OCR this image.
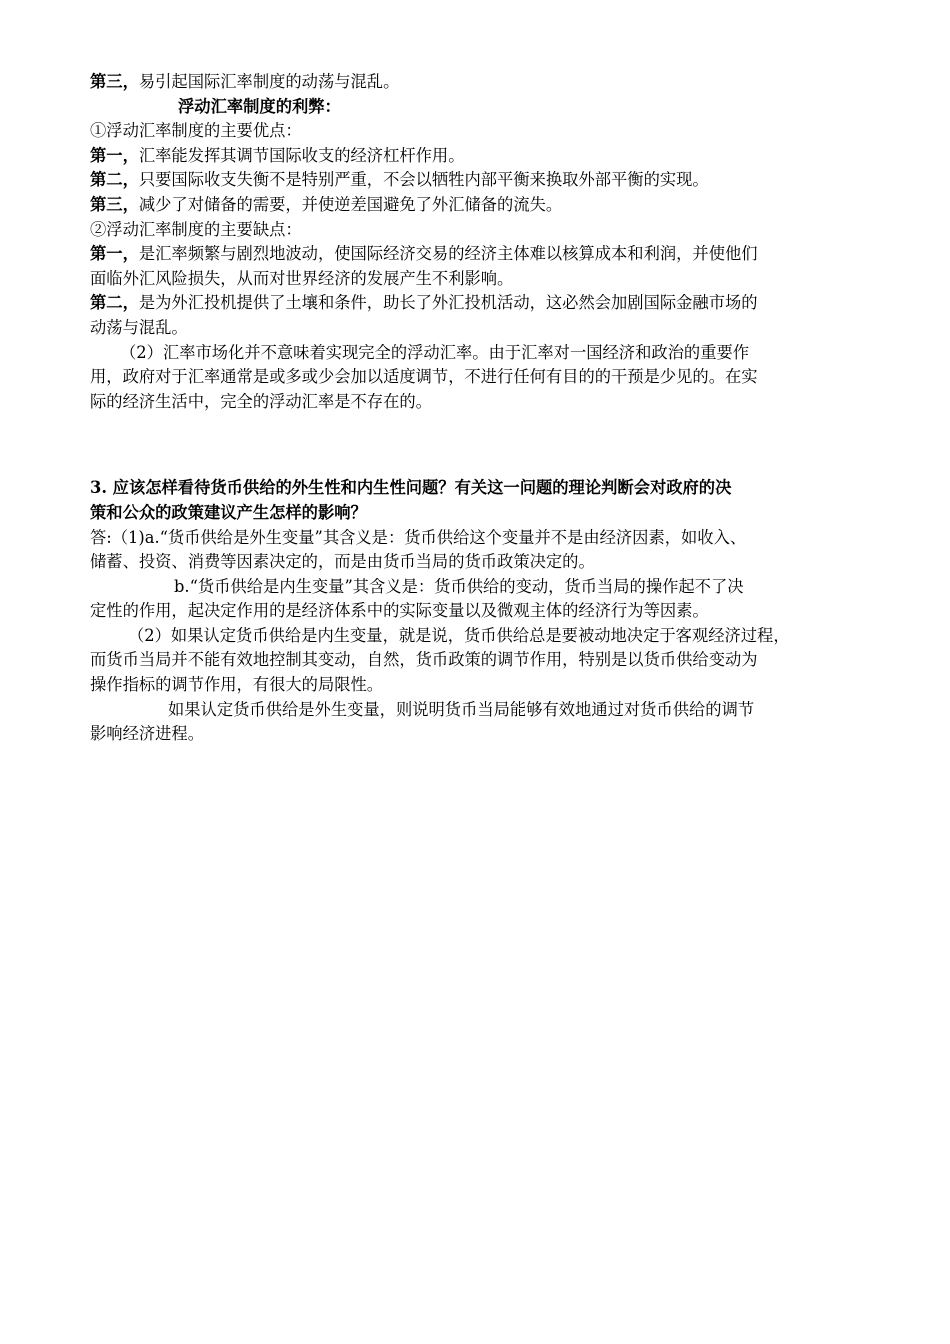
第三，易引起国际汇率制度的动荡与混乱。
浮动汇率制度的利弊：
①浮动汇率制度的主要优点：
第一，汇率能发挥其调节国际收支的经济杠杆作用。
第二，只要国际收支失衡不是特别严重，不会以牺牲内部平衡来换取外部平衡的实现。
第三，减少了对储备的需要，并使逆差国避免了外汇储备的流失。
②浮动汇率制度的主要缺点：
第一，是汇率频繁与剧烈地波动，使国际经济交易的经济主体难以核算成本和利润，并使他们
面临外汇风险损失，从而对世界经济的发展产生不利影响。
第二，是为外汇投机提供了土壤和条件，助长了外汇投机活动，这必然会加剧国际金融市场的
动荡与混乱。
（2）汇率市场化并不意味着实现完全的浮动汇率。由于汇率对一国经济和政治的重要作
用，政府对于汇率通常是或多或少会加以适度调节，不进行任何有目的的干预是少见的。在实
际的经济生活中，完全的浮动汇率是不存在的。
3. 应该怎样看待货币供给的外生性和内生性问题？有关这一问题的理论判断会对政府的决
策和公众的政策建议产生怎样的影响？
答:（1)a.“货币供给是外生变量”其含义是：货币供给这个变量并不是由经济因素，如收入、
储蓄、投资、消费等因素决定的，而是由货币当局的货币政策决定的。
b.“货币供给是内生变量”其含义是：货币供给的变动，货币当局的操作起不了决
定性的作用，起决定作用的是经济体系中的实际变量以及微观主体的经济行为等因素。
（2）如果认定货币供给是内生变量，就是说，货币供给总是要被动地决定于客观经济过程，
而货币当局并不能有效地控制其变动，自然，货币政策的调节作用，特别是以货币供给变动为
操作指标的调节作用，有很大的局限性。
如果认定货币供给是外生变量，则说明货币当局能够有效地通过对货币供给的调节
影响经济进程。
